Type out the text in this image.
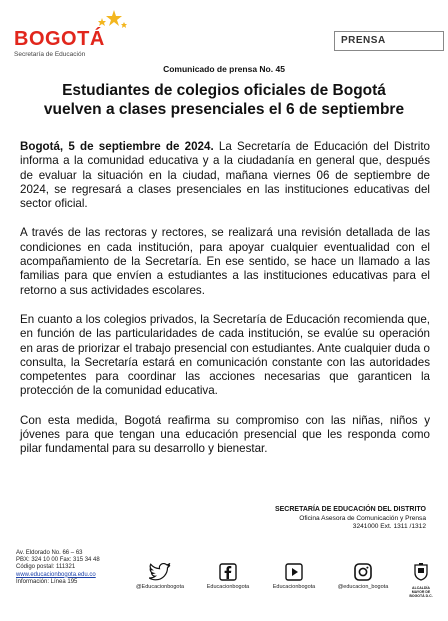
BOGOTÁ
Secretaría de Educación
PRENSA
Comunicado de prensa No. 45
Estudiantes de colegios oficiales de Bogotá
vuelven a clases presenciales el 6 de septiembre

Bogotá, 5 de septiembre de 2024. La Secretaría de Educación del Distrito informa a la comunidad educativa y a la ciudadanía en general que, después de evaluar la situación en la ciudad, mañana viernes 06 de septiembre de 2024, se regresará a clases presenciales en las instituciones educativas del sector oficial.

A través de las rectoras y rectores, se realizará una revisión detallada de las condiciones en cada institución, para apoyar cualquier eventualidad con el acompañamiento de la Secretaría. En ese sentido, se hace un llamado a las familias para que envíen a estudiantes a las instituciones educativas para el retorno a sus actividades escolares.

En cuanto a los colegios privados, la Secretaría de Educación recomienda que, en función de las particularidades de cada institución, se evalúe su operación en aras de priorizar el trabajo presencial con estudiantes. Ante cualquier duda o consulta, la Secretaría estará en comunicación constante con las autoridades competentes para coordinar las acciones necesarias que garanticen la protección de la comunidad educativa.

Con esta medida, Bogotá reafirma su compromiso con las niñas, niños y jóvenes para que tengan una educación presencial que les responda como pilar fundamental para su desarrollo y bienestar.

SECRETARÍA DE EDUCACIÓN DEL DISTRITO
Oficina Asesora de Comunicación y Prensa
3241000 Ext. 1311 /1312
Av. Eldorado No. 66 – 63
PBX: 324 10 00 Fax: 315 34 48
Código postal: 111321
www.educacionbogota.edu.co
Información: Línea 195
@Educacionbogota	Educacionbogota	Educacionbogota	@educacion_bogota	ALCALDÍA MAYOR DE BOGOTÁ D.C.
